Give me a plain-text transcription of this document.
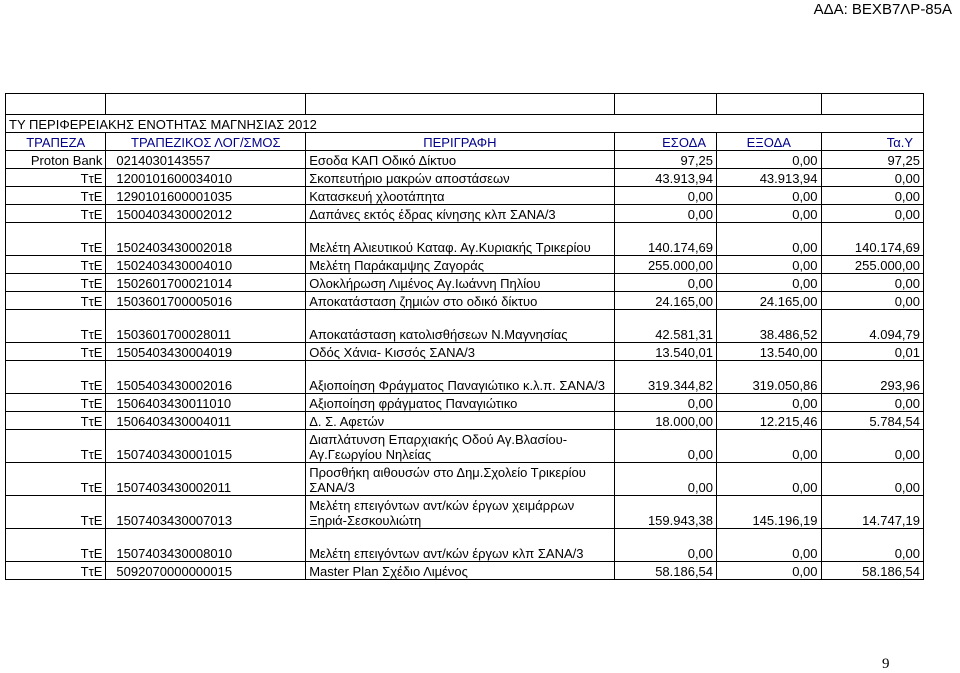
ΑΔΑ: ΒΕΧΒ7ΛΡ-85Α

ΤΥ ΠΕΡΙΦΕΡΕΙΑΚΗΣ ΕΝΟΤΗΤΑΣ ΜΑΓΝΗΣΙΑΣ 2012					
ΤΡΑΠΕΖΑ	ΤΡΑΠΕΖΙΚΟΣ ΛΟΓ/ΣΜΟΣ	ΠΕΡΙΓΡΑΦΗ	ΕΣΟΔΑ	ΕΞΟΔΑ	Τα.Υ
Proton Bank	0214030143557	Εσοδα ΚΑΠ Οδικό Δίκτυο	97,25	0,00	97,25
ΤτΕ	1200101600034010	Σκοπευτήριο μακρών αποστάσεων	43.913,94	43.913,94	0,00
ΤτΕ	1290101600001035	Κατασκευή χλοοτάπητα	0,00	0,00	0,00
ΤτΕ	1500403430002012	Δαπάνες εκτός έδρας κίνησης κλπ ΣΑΝΑ/3	0,00	0,00	0,00
ΤτΕ	1502403430002018	Μελέτη Αλιευτικού Καταφ. Αγ.Κυριακής Τρικερίου	140.174,69	0,00	140.174,69
ΤτΕ	1502403430004010	Μελέτη Παράκαμψης Ζαγοράς	255.000,00	0,00	255.000,00
ΤτΕ	1502601700021014	Ολοκλήρωση Λιμένος Αγ.Ιωάννη Πηλίου	0,00	0,00	0,00
ΤτΕ	1503601700005016	Αποκατάσταση ζημιών στο οδικό δίκτυο	24.165,00	24.165,00	0,00
ΤτΕ	1503601700028011	Αποκατάσταση κατολισθήσεων Ν.Μαγνησίας	42.581,31	38.486,52	4.094,79
ΤτΕ	1505403430004019	Οδός Χάνια- Κισσός ΣΑΝΑ/3	13.540,01	13.540,00	0,01
ΤτΕ	1505403430002016	Αξιοποίηση Φράγματος Παναγιώτικο κ.λ.π. ΣΑΝΑ/3	319.344,82	319.050,86	293,96
ΤτΕ	1506403430011010	Αξιοποίηση φράγματος Παναγιώτικο	0,00	0,00	0,00
ΤτΕ	1506403430004011	Δ. Σ. Αφετών	18.000,00	12.215,46	5.784,54
ΤτΕ	1507403430001015	Διαπλάτυνση Επαρχιακής Οδού Αγ.Βλασίου-Αγ.Γεωργίου Νηλείας	0,00	0,00	0,00
ΤτΕ	1507403430002011	Προσθήκη αιθουσών στο Δημ.Σχολείο Τρικερίου ΣΑΝΑ/3	0,00	0,00	0,00
ΤτΕ	1507403430007013	Μελέτη επειγόντων αντ/κών έργων χειμάρρων Ξηριά-Σεσκουλιώτη	159.943,38	145.196,19	14.747,19
ΤτΕ	1507403430008010	Μελέτη επειγόντων αντ/κών έργων κλπ ΣΑΝΑ/3	0,00	0,00	0,00
ΤτΕ	5092070000000015	Master Plan Σχέδιο Λιμένος	58.186,54	0,00	58.186,54
9
